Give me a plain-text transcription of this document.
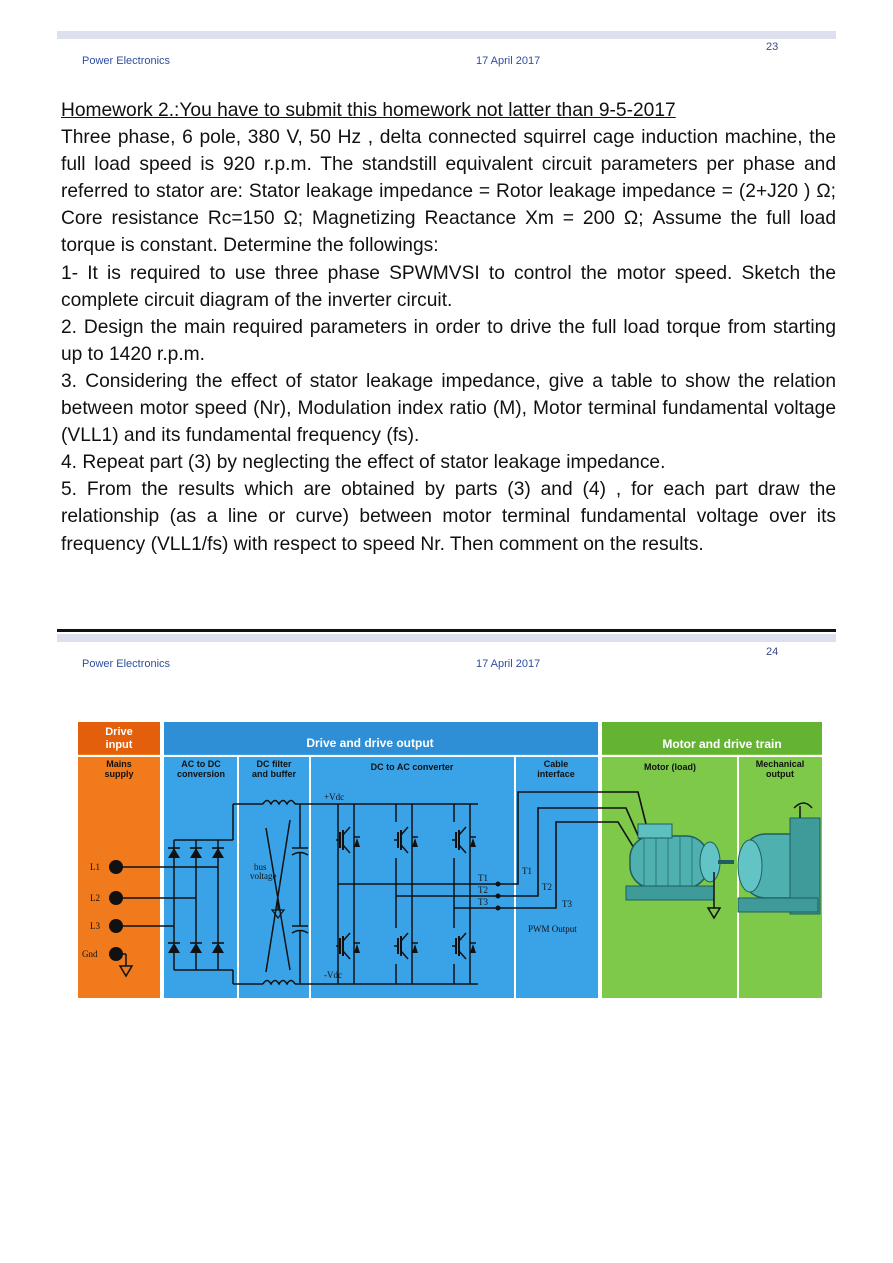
23
Power Electronics	17 April 2017

Homework 2.:You have to submit this homework not latter than 9-5-2017

Three phase, 6 pole, 380 V, 50 Hz , delta connected squirrel cage induction machine, the full load speed is 920 r.p.m. The standstill equivalent circuit parameters per phase and referred to stator are: Stator leakage impedance = Rotor leakage impedance = (2+J20 ) Ω; Core resistance Rc=150 Ω; Magnetizing Reactance Xm = 200 Ω; Assume the full load torque is constant. Determine the followings:

1- It is required to use three phase SPWMVSI to control the motor speed. Sketch the complete circuit diagram of the inverter circuit.

2. Design the main required parameters in order to drive the full load torque from starting up to 1420 r.p.m.

3. Considering the effect of stator leakage impedance, give a table to show the relation between motor speed (Nr), Modulation index ratio (M), Motor terminal fundamental voltage (VLL1) and its fundamental frequency (fs).

4. Repeat part (3) by neglecting the effect of stator leakage impedance.

5. From the results which are obtained by parts (3) and (4) , for each part draw the relationship (as a line or curve) between motor terminal fundamental voltage over its frequency (VLL1/fs) with respect to speed Nr. Then comment on the results.

24
Power Electronics	17 April 2017
Drive
input	Drive and drive output	Motor and drive train
Mains
supply
AC to DC
conversion
DC filter
and buffer
DC to AC converter	Cable
interface
Motor (load)	Mechanical
output
L1
L2
L3
Gnd
bus
voltage
+Vdc
-Vdc
T1
T2
T3
T1
T2
T3
PWM Output
